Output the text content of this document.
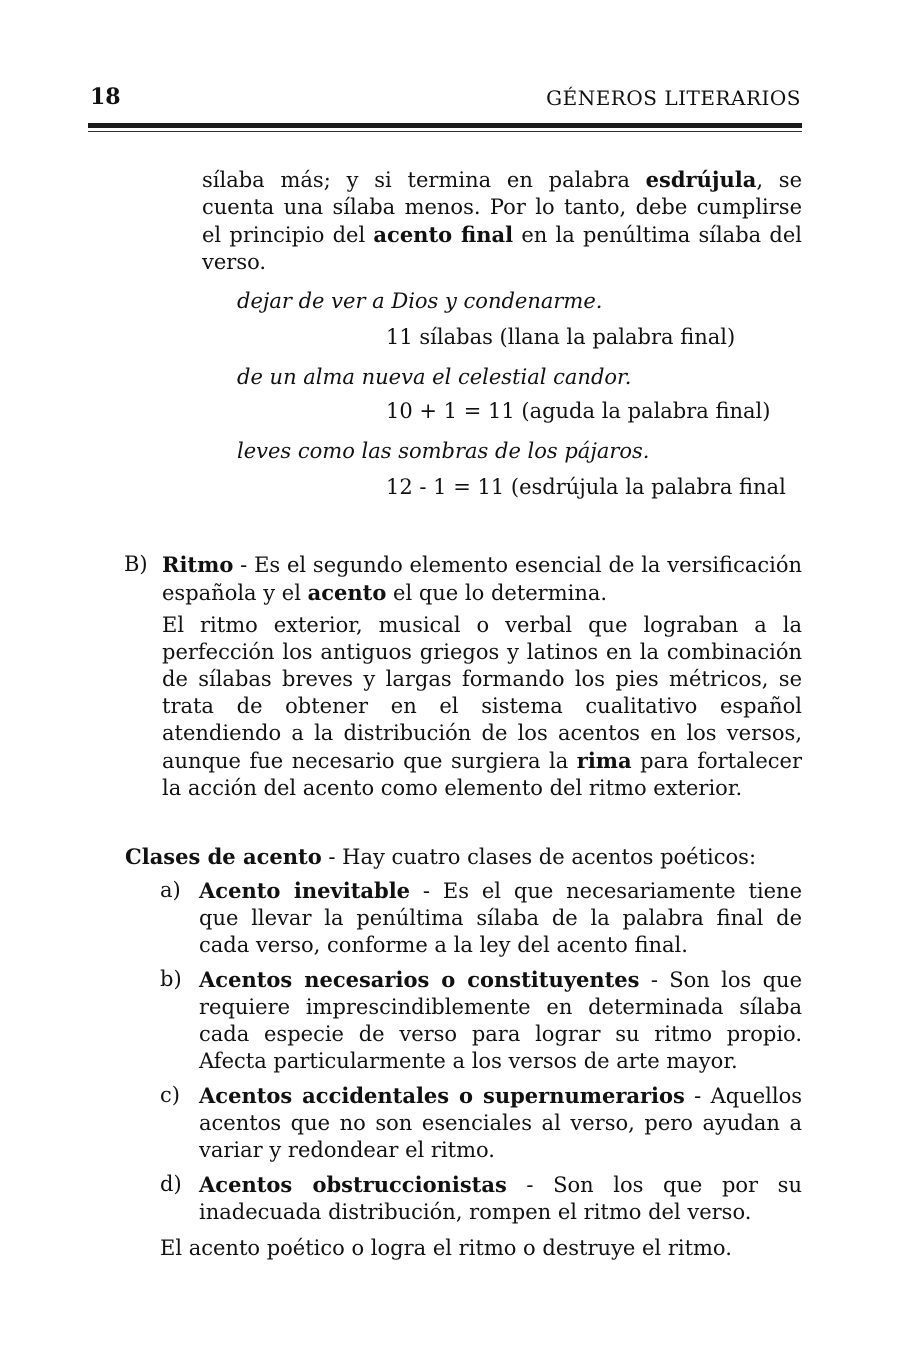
18	GÉNEROS LITERARIOS

sílaba más; y si termina en palabra esdrújula, se cuenta una sílaba menos. Por lo tanto, debe cumplirse el principio del acento final en la penúltima sílaba del verso.

dejar de ver a Dios y condenarme.
11 sílabas (llana la palabra final)
de un alma nueva el celestial candor.
10 + 1 = 11 (aguda la palabra final)
leves como las sombras de los pájaros.
12 - 1 = 11 (esdrújula la palabra final
B) Ritmo - Es el segundo elemento esencial de la versificación española y el acento el que lo determina.

El ritmo exterior, musical o verbal que lograban a la perfección los antiguos griegos y latinos en la combinación de sílabas breves y largas formando los pies métricos, se trata de obtener en el sistema cualitativo español atendiendo a la distribución de los acentos en los versos, aunque fue necesario que surgiera la rima para fortalecer la acción del acento como elemento del ritmo exterior.

Clases de acento - Hay cuatro clases de acentos poéticos:

a) Acento inevitable - Es el que necesariamente tiene que llevar la penúltima sílaba de la palabra final de cada verso, conforme a la ley del acento final.

b) Acentos necesarios o constituyentes - Son los que requiere imprescindiblemente en determinada sílaba cada especie de verso para lograr su ritmo propio. Afecta particularmente a los versos de arte mayor.

c) Acentos accidentales o supernumerarios - Aquellos acentos que no son esenciales al verso, pero ayudan a variar y redondear el ritmo.

d) Acentos obstruccionistas - Son los que por su inadecuada distribución, rompen el ritmo del verso.

El acento poético o logra el ritmo o destruye el ritmo.
